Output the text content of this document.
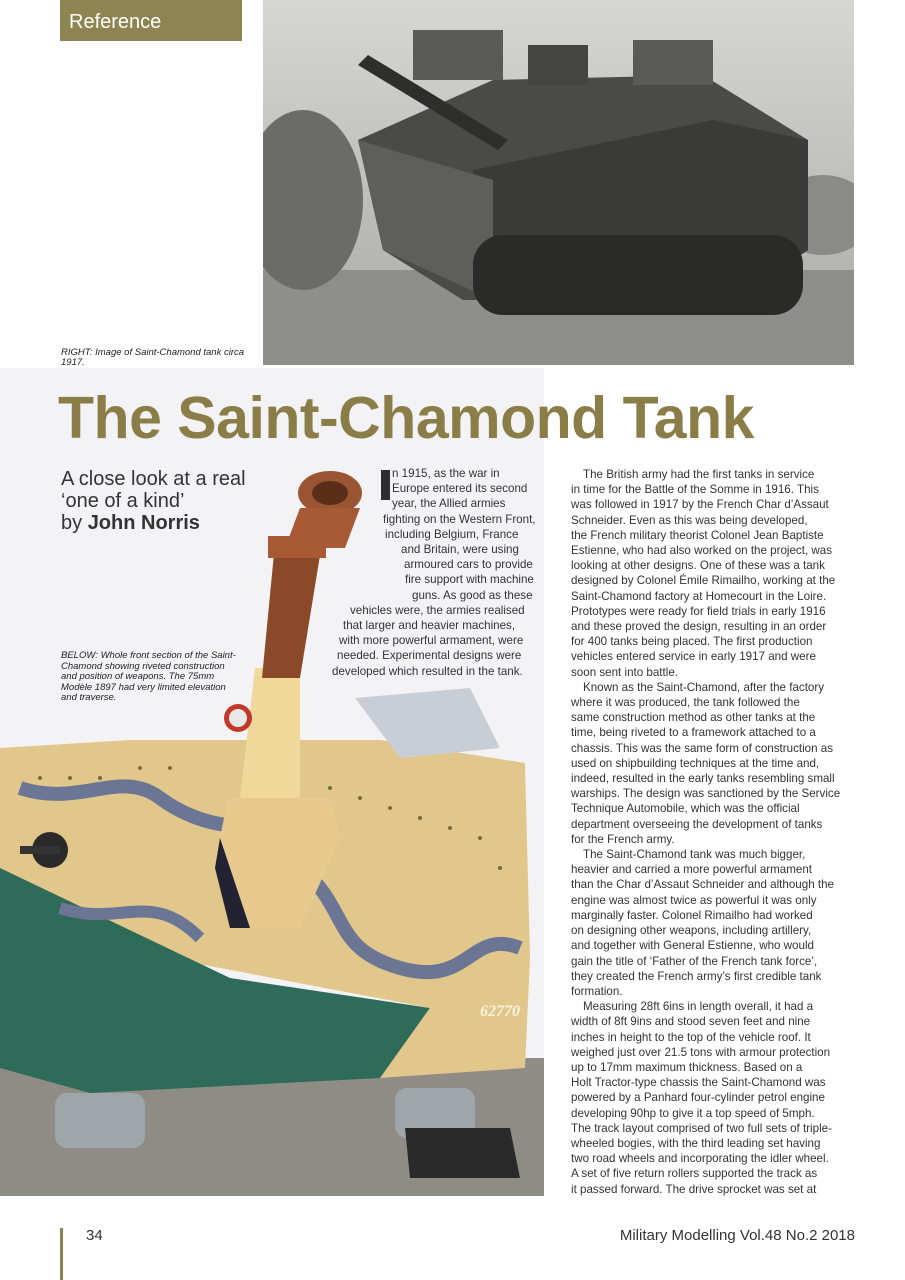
Reference
RIGHT: Image of Saint-Chamond tank circa 1917.
62770
The Saint-Chamond Tank
A close look at a real
‘one of a kind’
by John Norris
BELOW: Whole front section of the Saint-Chamond showing riveted construction and position of weapons. The 75mm Modèle 1897 had very limited elevation and traverse.
I n 1915, as the war in
Europe entered its second
year, the Allied armies
fighting on the Western Front,
including Belgium, France
and Britain, were using
armoured cars to provide
fire support with machine
guns. As good as these
vehicles were, the armies realised
that larger and heavier machines,
with more powerful armament, were
needed. Experimental designs were
developed which resulted in the tank.
The British army had the first tanks in service
in time for the Battle of the Somme in 1916. This
was followed in 1917 by the French Char d’Assaut
Schneider. Even as this was being developed,
the French military theorist Colonel Jean Baptiste
Estienne, who had also worked on the project, was
looking at other designs. One of these was a tank
designed by Colonel Émile Rimailho, working at the
Saint-Chamond factory at Homecourt in the Loire.
Prototypes were ready for field trials in early 1916
and these proved the design, resulting in an order
for 400 tanks being placed. The first production
vehicles entered service in early 1917 and were
soon sent into battle.
Known as the Saint-Chamond, after the factory
where it was produced, the tank followed the
same construction method as other tanks at the
time, being riveted to a framework attached to a
chassis. This was the same form of construction as
used on shipbuilding techniques at the time and,
indeed, resulted in the early tanks resembling small
warships. The design was sanctioned by the Service
Technique Automobile, which was the official
department overseeing the development of tanks
for the French army.
The Saint-Chamond tank was much bigger,
heavier and carried a more powerful armament
than the Char d’Assaut Schneider and although the
engine was almost twice as powerful it was only
marginally faster. Colonel Rimailho had worked
on designing other weapons, including artillery,
and together with General Estienne, who would
gain the title of ‘Father of the French tank force’,
they created the French army’s first credible tank
formation.
Measuring 28ft 6ins in length overall, it had a
width of 8ft 9ins and stood seven feet and nine
inches in height to the top of the vehicle roof. It
weighed just over 21.5 tons with armour protection
up to 17mm maximum thickness. Based on a
Holt Tractor-type chassis the Saint-Chamond was
powered by a Panhard four-cylinder petrol engine
developing 90hp to give it a top speed of 5mph.
The track layout comprised of two full sets of triple-
wheeled bogies, with the third leading set having
two road wheels and incorporating the idler wheel.
A set of five return rollers supported the track as
it passed forward. The drive sprocket was set at
34	Military Modelling Vol.48 No.2 2018
